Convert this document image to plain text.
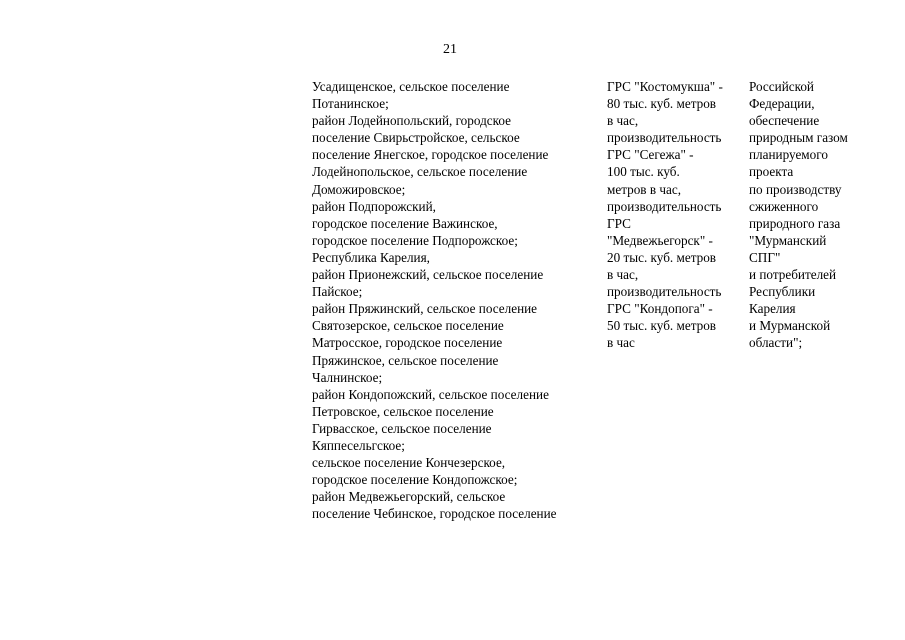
21
Усадищенское, сельское поселение
Потанинское;
район Лодейнопольский, городское
поселение Свирьстройское, сельское
поселение Янегское, городское поселение
Лодейнопольское, сельское поселение
Доможировское;
район Подпорожский,
городское поселение Важинское,
городское поселение Подпорожское;
Республика Карелия,
район Прионежский, сельское поселение
Пайское;
район Пряжинский, сельское поселение
Святозерское, сельское поселение
Матросское, городское поселение
Пряжинское, сельское поселение
Чалнинское;
район Кондопожский, сельское поселение
Петровское, сельское поселение
Гирвасское, сельское поселение
Кяппесельгское;
сельское поселение Кончезерское,
городское поселение Кондопожское;
район Медвежьегорский, сельское
поселение Чебинское, городское поселение
ГРС "Костомукша" -
80 тыс. куб. метров
в час,
производительность
ГРС "Сегежа" -
100 тыс. куб.
метров в час,
производительность
ГРС
"Медвежьегорск" -
20 тыс. куб. метров
в час,
производительность
ГРС "Кондопога" -
50 тыс. куб. метров
в час
Российской
Федерации,
обеспечение
природным газом
планируемого
проекта
по производству
сжиженного
природного газа
"Мурманский
СПГ"
и потребителей
Республики
Карелия
и Мурманской
области";
